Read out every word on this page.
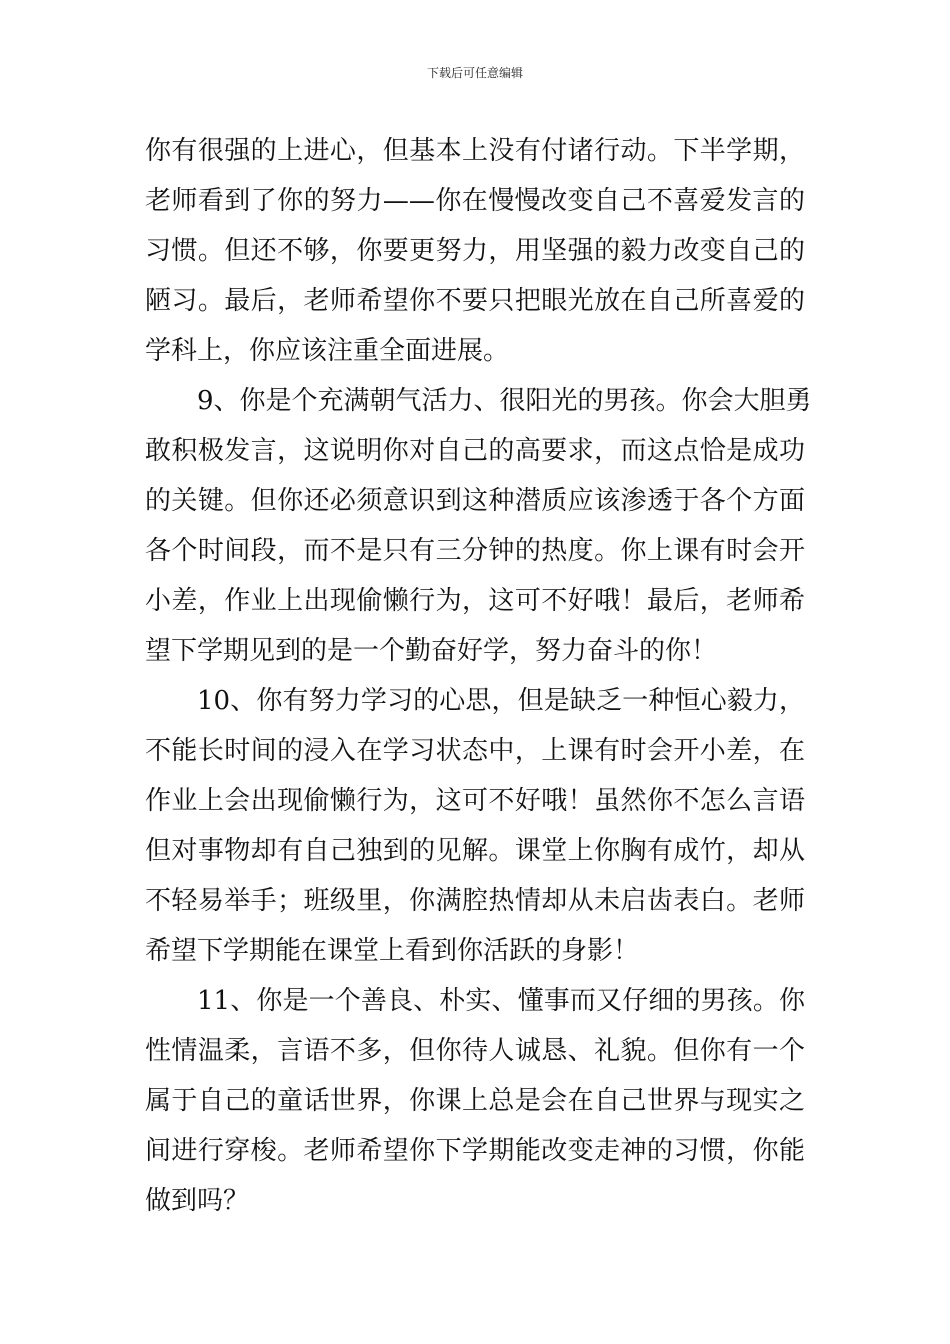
下载后可任意编辑
你有很强的上进心，但基本上没有付诸行动。下半学期，
老师看到了你的努力——你在慢慢改变自己不喜爱发言的
习惯。但还不够，你要更努力，用坚强的毅力改变自己的
陋习。最后，老师希望你不要只把眼光放在自己所喜爱的
学科上，你应该注重全面进展。
9、你是个充满朝气活力、很阳光的男孩。你会大胆勇
敢积极发言，这说明你对自己的高要求，而这点恰是成功
的关键。但你还必须意识到这种潜质应该渗透于各个方面
各个时间段，而不是只有三分钟的热度。你上课有时会开
小差，作业上出现偷懒行为，这可不好哦！最后，老师希
望下学期见到的是一个勤奋好学，努力奋斗的你！
10、你有努力学习的心思，但是缺乏一种恒心毅力，
不能长时间的浸入在学习状态中，上课有时会开小差，在
作业上会出现偷懒行为，这可不好哦！虽然你不怎么言语
但对事物却有自己独到的见解。课堂上你胸有成竹，却从
不轻易举手；班级里，你满腔热情却从未启齿表白。老师
希望下学期能在课堂上看到你活跃的身影！
11、你是一个善良、朴实、懂事而又仔细的男孩。你
性情温柔，言语不多，但你待人诚恳、礼貌。但你有一个
属于自己的童话世界，你课上总是会在自己世界与现实之
间进行穿梭。老师希望你下学期能改变走神的习惯，你能
做到吗？
